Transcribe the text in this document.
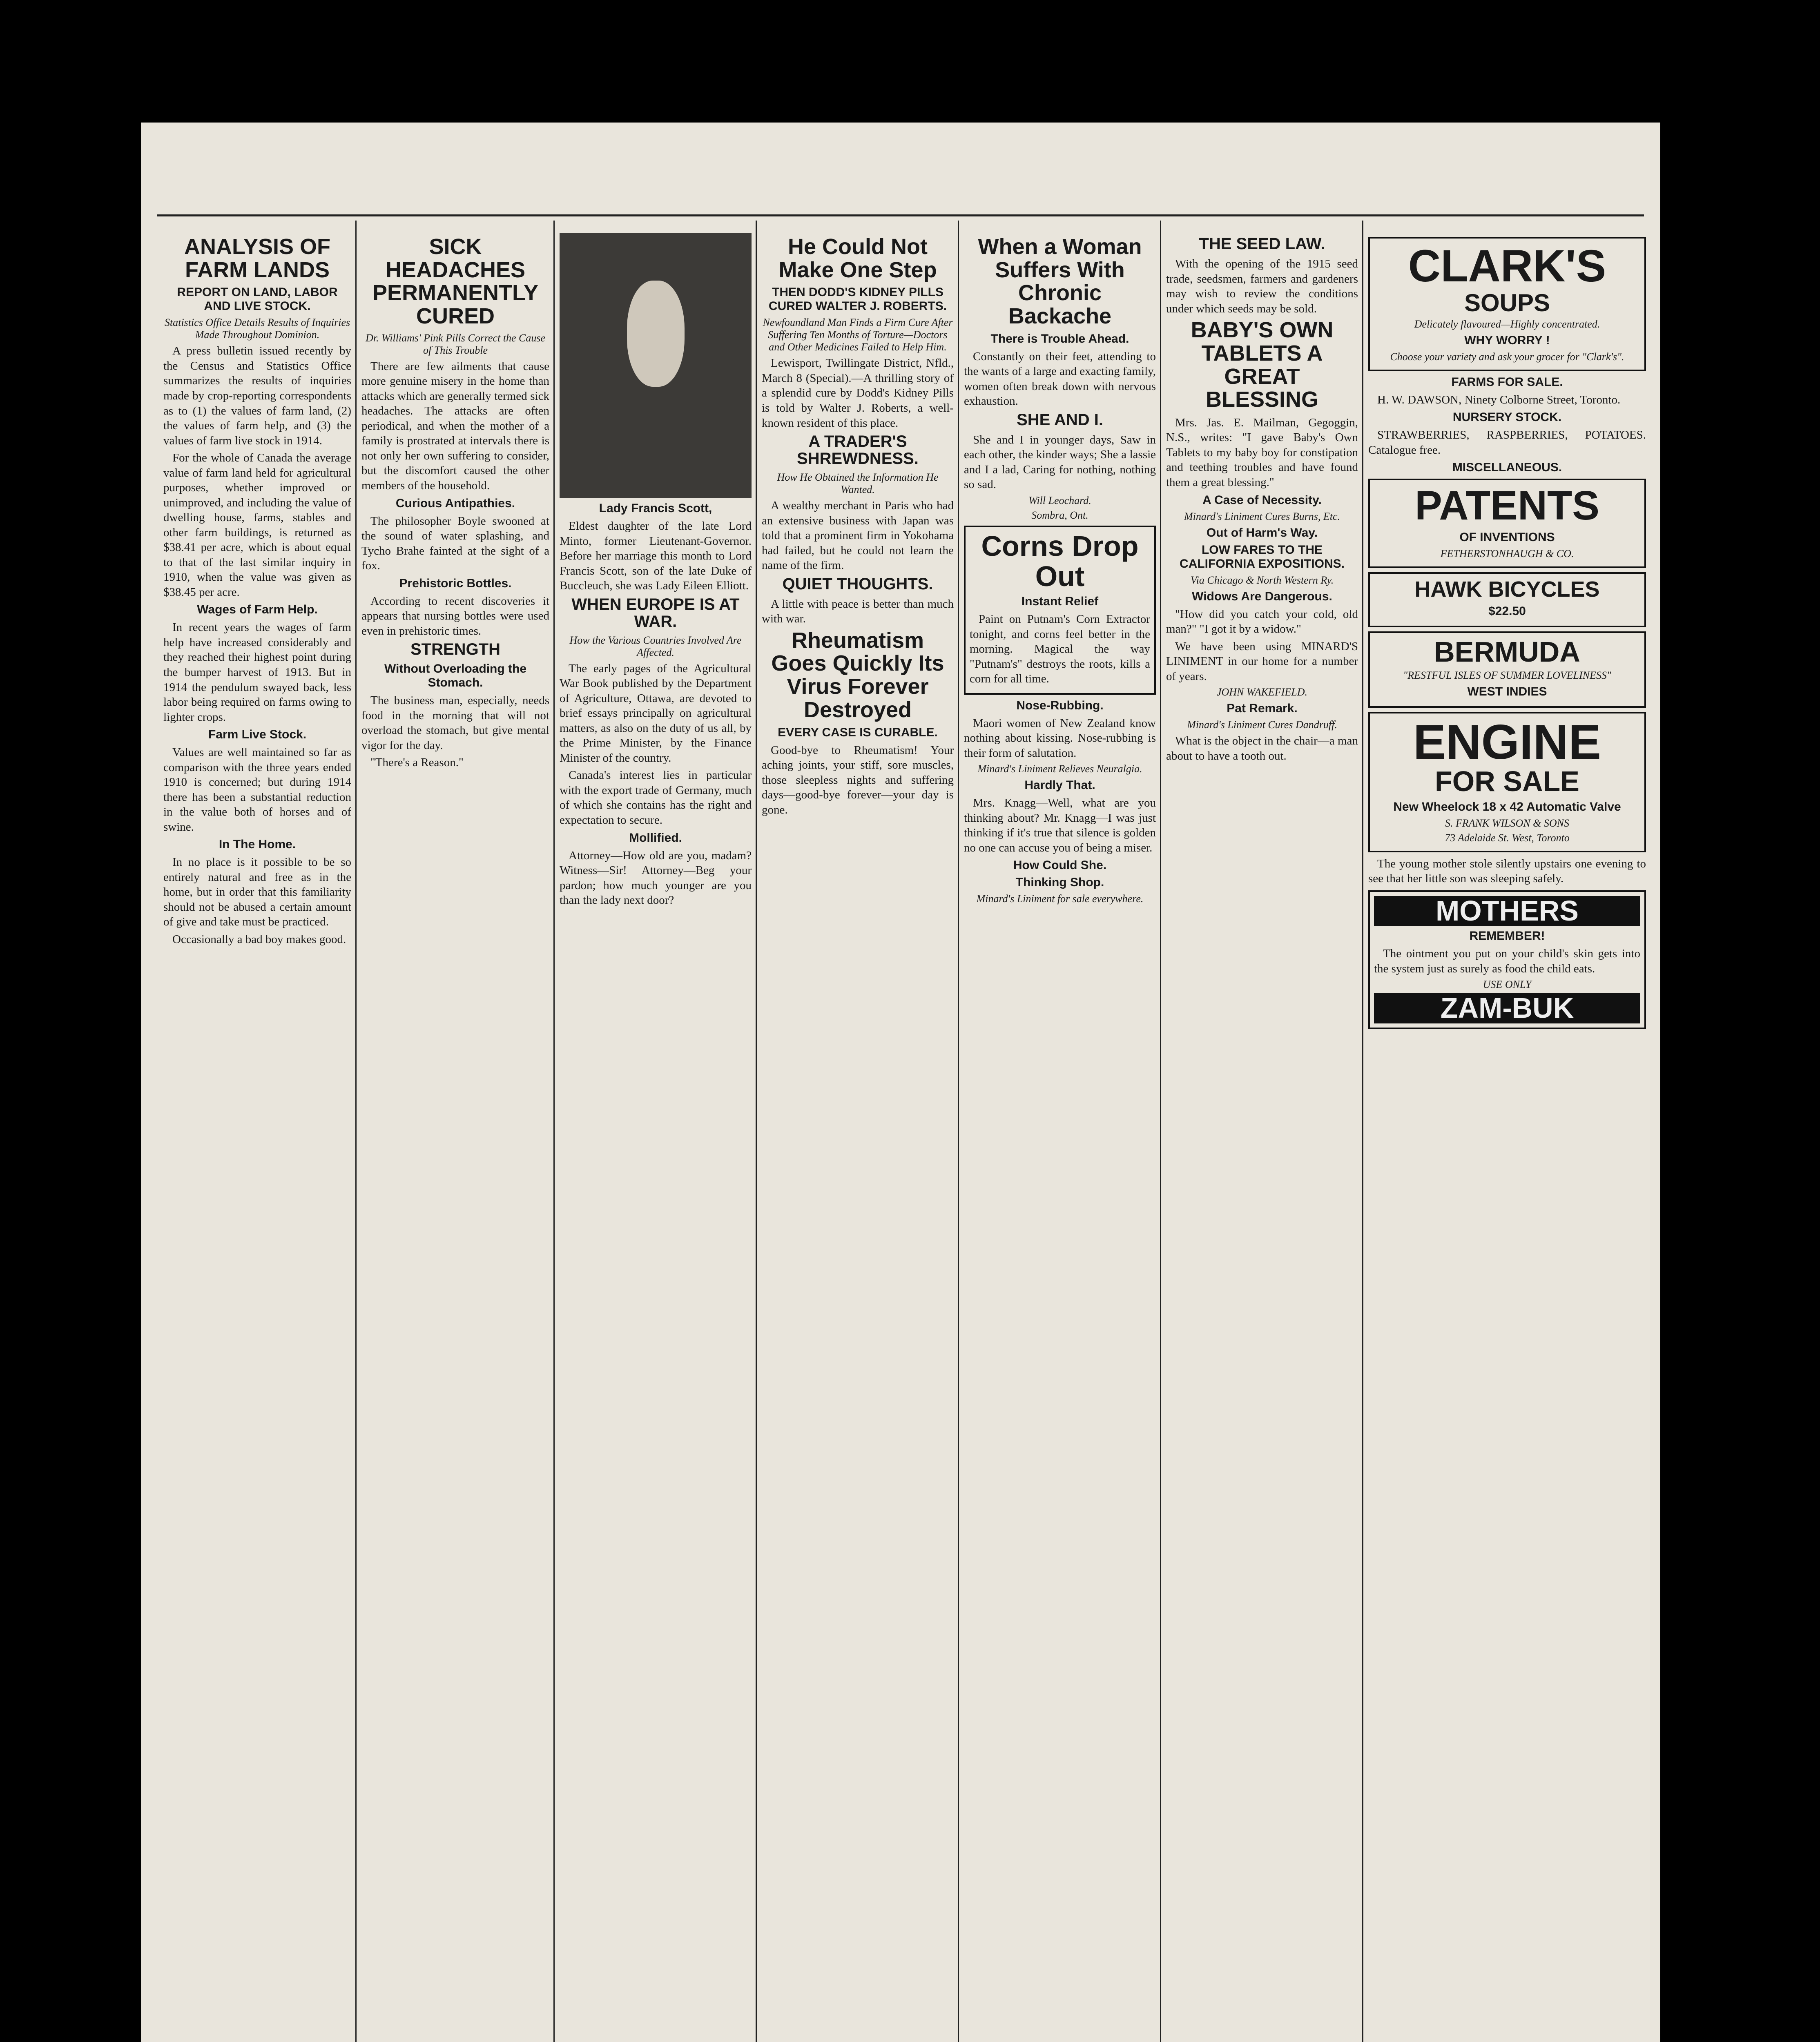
ANALYSIS OF FARM LANDS
REPORT ON LAND, LABOR AND LIVE STOCK.
Statistics Office Details Results of Inquiries Made Throughout Dominion.

A press bulletin issued recently by the Census and Statistics Office summarizes the results of inquiries made by crop-reporting correspondents as to (1) the values of farm land, (2) the values of farm help, and (3) the values of farm live stock in 1914.

For the whole of Canada the average value of farm land held for agricultural purposes, whether improved or unimproved, and including the value of dwelling house, farms, stables and other farm buildings, is returned as $38.41 per acre, which is about equal to that of the last similar inquiry in 1910, when the value was given as $38.45 per acre.

Wages of Farm Help.

In recent years the wages of farm help have increased considerably and they reached their highest point during the bumper harvest of 1913. But in 1914 the pendulum swayed back, less labor being required on farms owing to lighter crops.

Farm Live Stock.

Values are well maintained so far as comparison with the three years ended 1910 is concerned; but during 1914 there has been a substantial reduction in the value both of horses and of swine.

In The Home.

In no place is it possible to be so entirely natural and free as in the home, but in order that this familiarity should not be abused a certain amount of give and take must be practiced.

Occasionally a bad boy makes good.

SICK HEADACHES PERMANENTLY CURED
Dr. Williams' Pink Pills Correct the Cause of This Trouble

There are few ailments that cause more genuine misery in the home than attacks which are generally termed sick headaches. The attacks are often periodical, and when the mother of a family is prostrated at intervals there is not only her own suffering to consider, but the discomfort caused the other members of the household.

Curious Antipathies.

The philosopher Boyle swooned at the sound of water splashing, and Tycho Brahe fainted at the sight of a fox.

Prehistoric Bottles.

According to recent discoveries it appears that nursing bottles were used even in prehistoric times.

STRENGTH
Without Overloading the Stomach.

The business man, especially, needs food in the morning that will not overload the stomach, but give mental vigor for the day.

"There's a Reason."

Lady Francis Scott,

Eldest daughter of the late Lord Minto, former Lieutenant-Governor. Before her marriage this month to Lord Francis Scott, son of the late Duke of Buccleuch, she was Lady Eileen Elliott.

WHEN EUROPE IS AT WAR.
How the Various Countries Involved Are Affected.

The early pages of the Agricultural War Book published by the Department of Agriculture, Ottawa, are devoted to brief essays principally on agricultural matters, as also on the duty of us all, by the Prime Minister, by the Finance Minister of the country.

Canada's interest lies in particular with the export trade of Germany, much of which she contains has the right and expectation to secure.

Mollified.

Attorney—How old are you, madam? Witness—Sir! Attorney—Beg your pardon; how much younger are you than the lady next door?

He Could Not Make One Step
THEN DODD'S KIDNEY PILLS CURED WALTER J. ROBERTS.
Newfoundland Man Finds a Firm Cure After Suffering Ten Months of Torture—Doctors and Other Medicines Failed to Help Him.

Lewisport, Twillingate District, Nfld., March 8 (Special).—A thrilling story of a splendid cure by Dodd's Kidney Pills is told by Walter J. Roberts, a well-known resident of this place.

A TRADER'S SHREWDNESS.
How He Obtained the Information He Wanted.

A wealthy merchant in Paris who had an extensive business with Japan was told that a prominent firm in Yokohama had failed, but he could not learn the name of the firm.

QUIET THOUGHTS.

A little with peace is better than much with war.

Rheumatism Goes Quickly Its Virus Forever Destroyed
EVERY CASE IS CURABLE.

Good-bye to Rheumatism! Your aching joints, your stiff, sore muscles, those sleepless nights and suffering days—good-bye forever—your day is gone.

When a Woman Suffers With Chronic Backache
There is Trouble Ahead.

Constantly on their feet, attending to the wants of a large and exacting family, women often break down with nervous exhaustion.

SHE AND I.

She and I in younger days, Saw in each other, the kinder ways; She a lassie and I a lad, Caring for nothing, nothing so sad.

Will Leochard.
Sombra, Ont.
Corns Drop Out
Instant Relief

Paint on Putnam's Corn Extractor tonight, and corns feel better in the morning. Magical the way "Putnam's" destroys the roots, kills a corn for all time.

Nose-Rubbing.

Maori women of New Zealand know nothing about kissing. Nose-rubbing is their form of salutation.

Minard's Liniment Relieves Neuralgia.
Hardly That.

Mrs. Knagg—Well, what are you thinking about? Mr. Knagg—I was just thinking if it's true that silence is golden no one can accuse you of being a miser.

How Could She.
Thinking Shop.
Minard's Liniment for sale everywhere.
THE SEED LAW.

With the opening of the 1915 seed trade, seedsmen, farmers and gardeners may wish to review the conditions under which seeds may be sold.

BABY'S OWN TABLETS A GREAT BLESSING

Mrs. Jas. E. Mailman, Gegoggin, N.S., writes: "I gave Baby's Own Tablets to my baby boy for constipation and teething troubles and have found them a great blessing."

A Case of Necessity.
Minard's Liniment Cures Burns, Etc.
Out of Harm's Way.
LOW FARES TO THE CALIFORNIA EXPOSITIONS.
Via Chicago & North Western Ry.
Widows Are Dangerous.

"How did you catch your cold, old man?" "I got it by a widow."

We have been using MINARD'S LINIMENT in our home for a number of years.

JOHN WAKEFIELD.
Pat Remark.
Minard's Liniment Cures Dandruff.

What is the object in the chair—a man about to have a tooth out.

CLARK'S
SOUPS
Delicately flavoured—Highly concentrated.
WHY WORRY !
Choose your variety and ask your grocer for "Clark's".
FARMS FOR SALE.

H. W. DAWSON, Ninety Colborne Street, Toronto.

NURSERY STOCK.

STRAWBERRIES, RASPBERRIES, POTATOES. Catalogue free.

MISCELLANEOUS.
PATENTS
OF INVENTIONS
FETHERSTONHAUGH & CO.
HAWK BICYCLES
$22.50
BERMUDA
"RESTFUL ISLES OF SUMMER LOVELINESS"
WEST INDIES
ENGINE
FOR SALE
New Wheelock 18 x 42 Automatic Valve
S. FRANK WILSON & SONS
73 Adelaide St. West, Toronto

The young mother stole silently upstairs one evening to see that her little son was sleeping safely.

MOTHERS
REMEMBER!

The ointment you put on your child's skin gets into the system just as surely as food the child eats.

USE ONLY
ZAM-BUK
